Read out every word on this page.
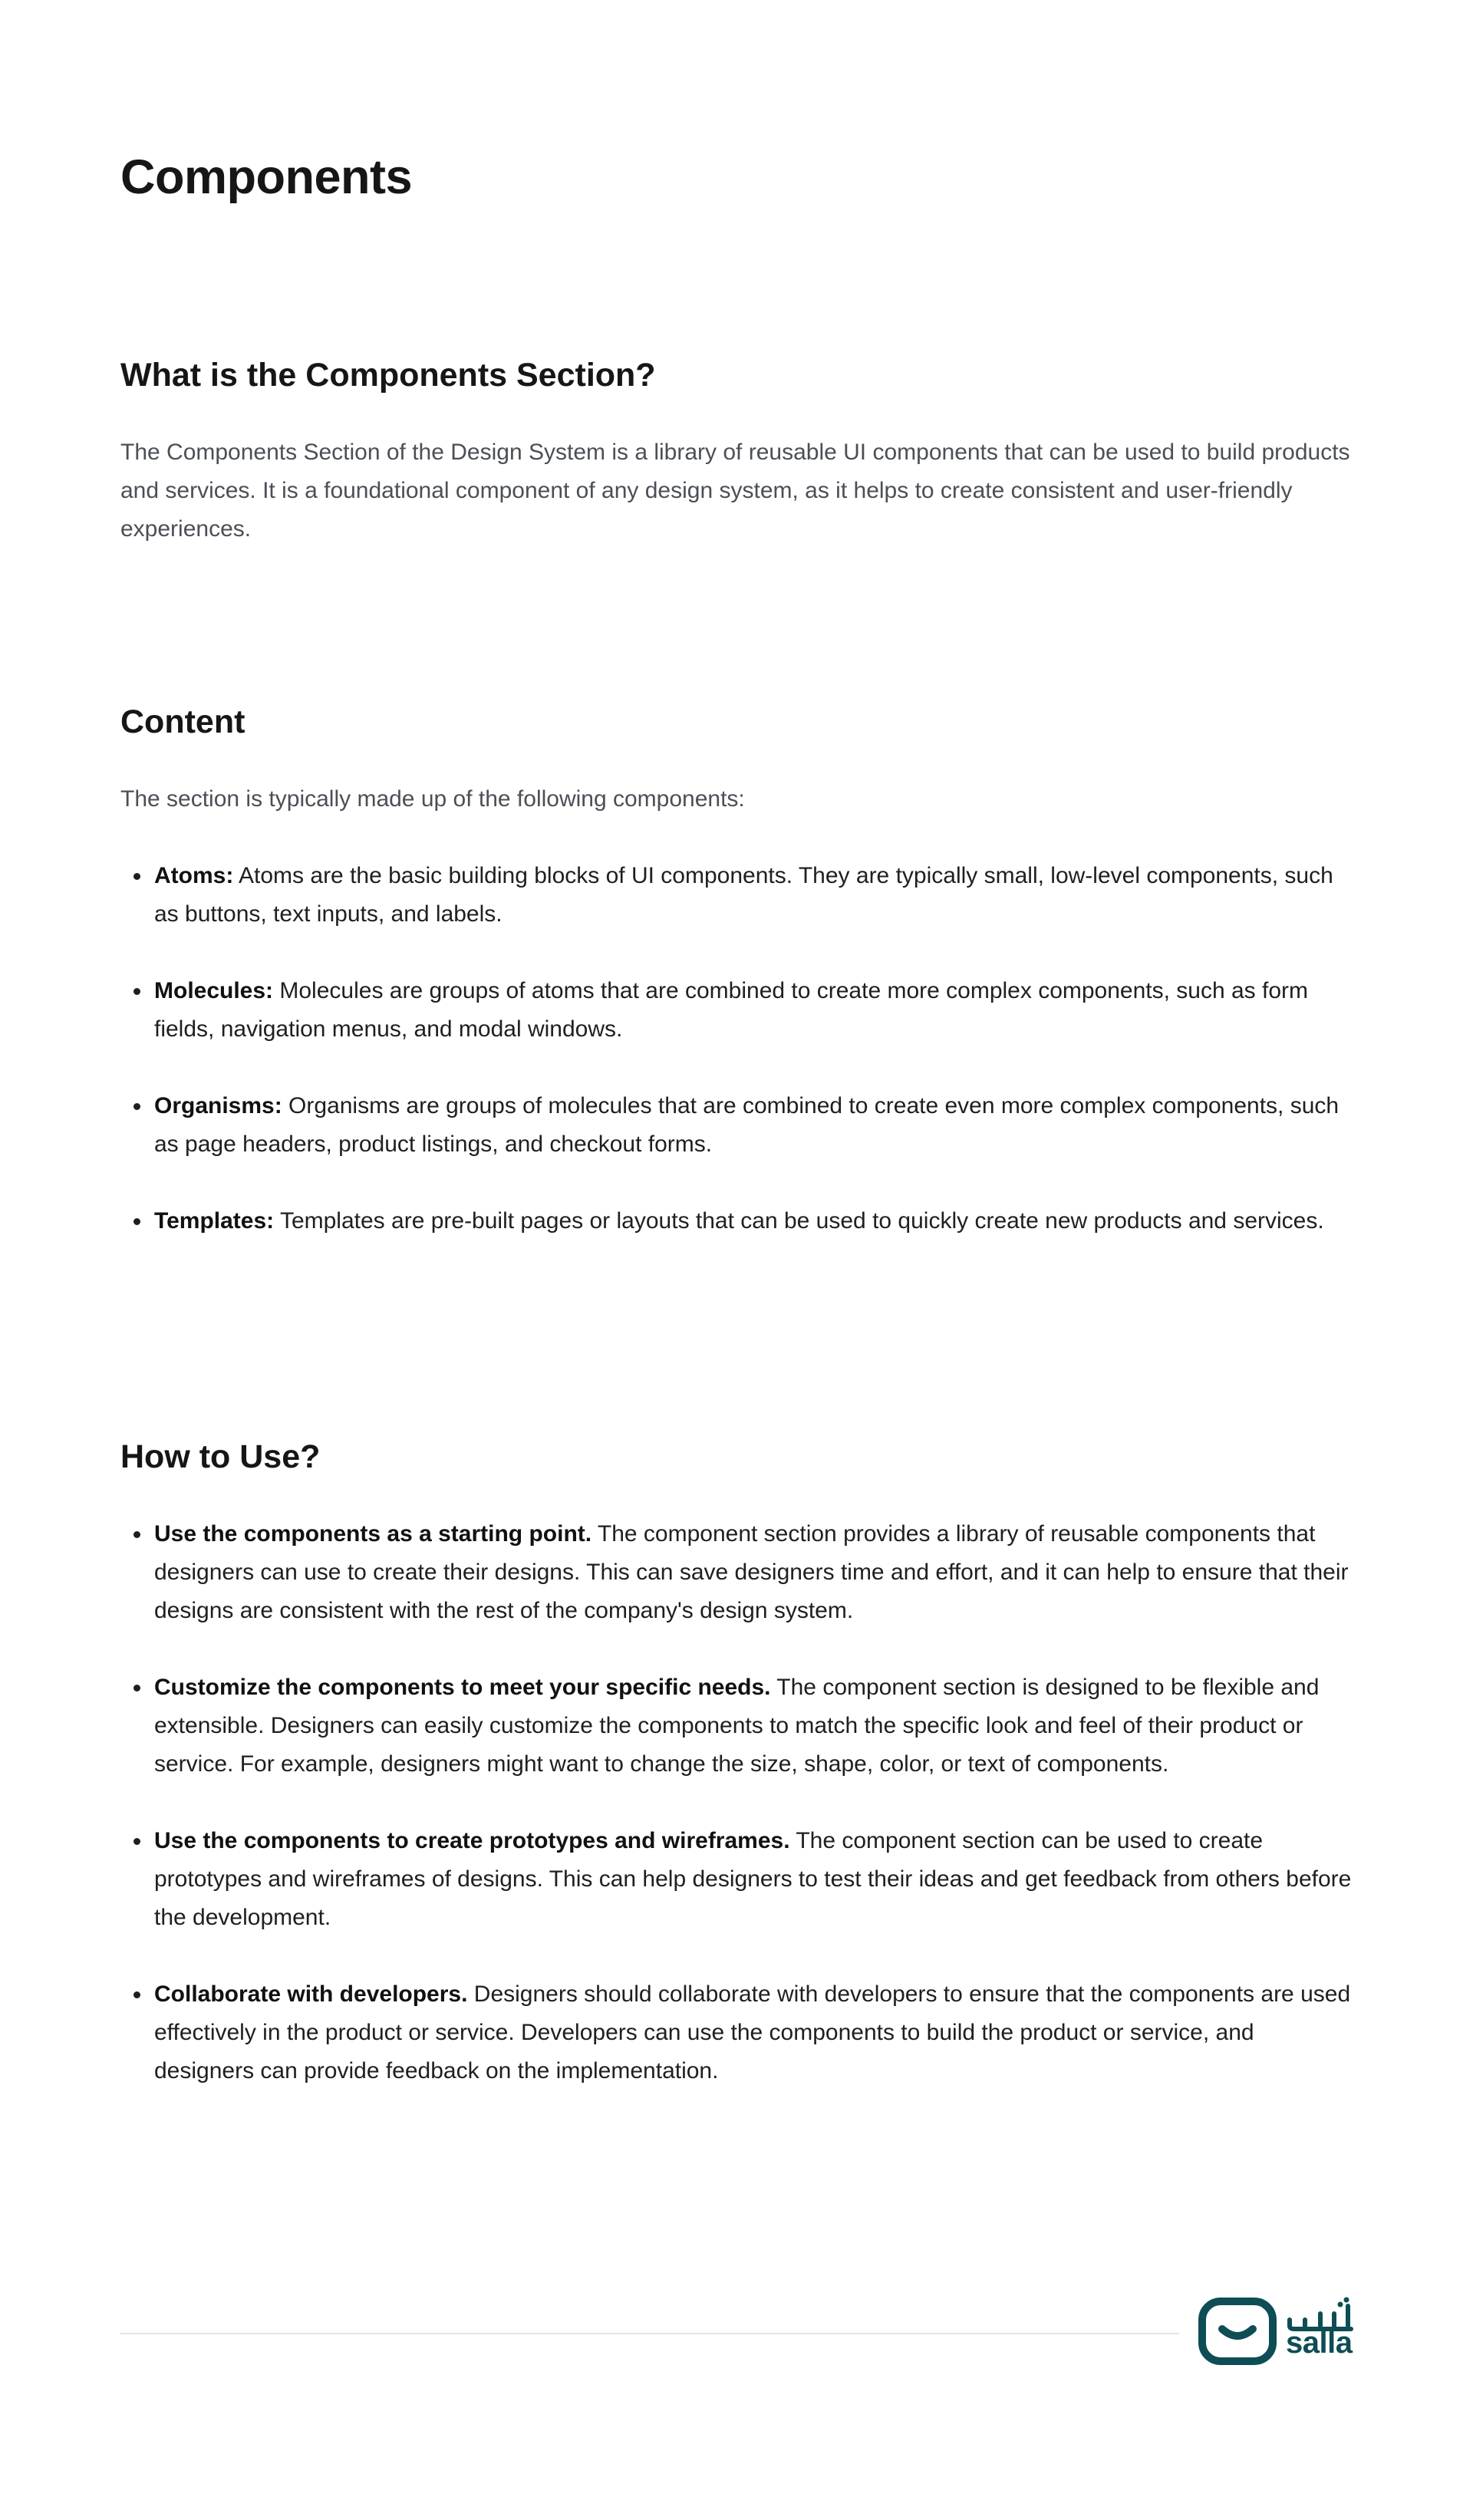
Components
What is the Components Section?

The Components Section of the Design System is a library of reusable UI components that can be used to build products and services. It is a foundational component of any design system, as it helps to create consistent and user-friendly experiences.

Content

The section is typically made up of the following components:

Atoms: Atoms are the basic building blocks of UI components. They are typically small, low-level components, such as buttons, text inputs, and labels.
Molecules: Molecules are groups of atoms that are combined to create more complex components, such as form fields, navigation menus, and modal windows.
Organisms: Organisms are groups of molecules that are combined to create even more complex components, such as page headers, product listings, and checkout forms.
Templates: Templates are pre-built pages or layouts that can be used to quickly create new products and services.
How to Use?
Use the components as a starting point. The component section provides a library of reusable components that designers can use to create their designs. This can save designers time and effort, and it can help to ensure that their designs are consistent with the rest of the company's design system.
Customize the components to meet your specific needs. The component section is designed to be flexible and extensible. Designers can easily customize the components to match the specific look and feel of their product or service. For example, designers might want to change the size, shape, color, or text of components.
Use the components to create prototypes and wireframes. The component section can be used to create prototypes and wireframes of designs. This can help designers to test their ideas and get feedback from others before the development.
Collaborate with developers. Designers should collaborate with developers to ensure that the components are used effectively in the product or service. Developers can use the components to build the product or service, and designers can provide feedback on the implementation.
salla
